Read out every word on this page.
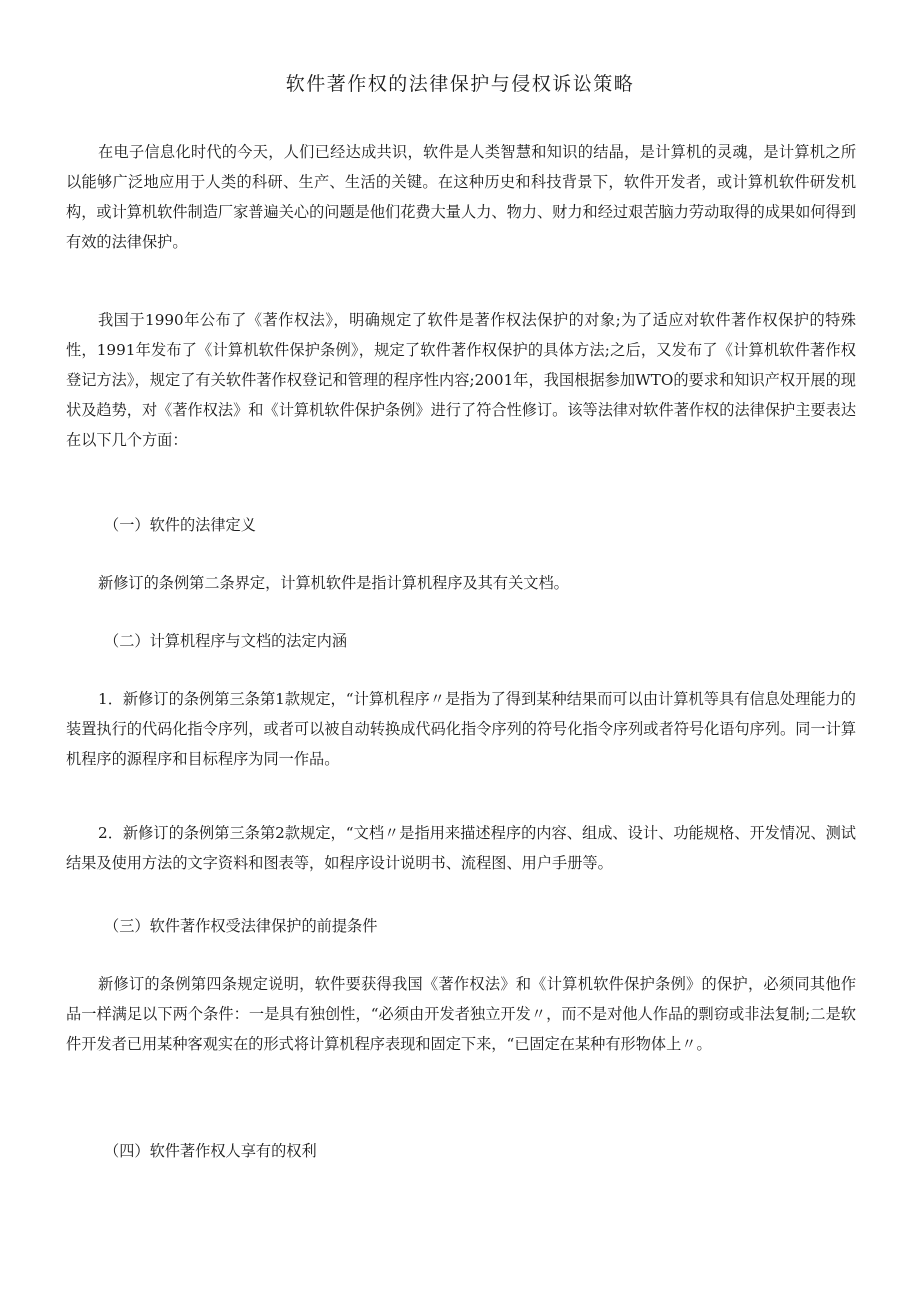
软件著作权的法律保护与侵权诉讼策略

在电子信息化时代的今天，人们已经达成共识，软件是人类智慧和知识的结晶，是计算机的灵魂，是计算机之所以能够广泛地应用于人类的科研、生产、生活的关键。在这种历史和科技背景下，软件开发者，或计算机软件研发机构，或计算机软件制造厂家普遍关心的问题是他们花费大量人力、物力、财力和经过艰苦脑力劳动取得的成果如何得到有效的法律保护。

我国于1990年公布了《著作权法》，明确规定了软件是著作权法保护的对象;为了适应对软件著作权保护的特殊性，1991年发布了《计算机软件保护条例》，规定了软件著作权保护的具体方法;之后，又发布了《计算机软件著作权登记方法》，规定了有关软件著作权登记和管理的程序性内容;2001年，我国根据参加WTO的要求和知识产权开展的现状及趋势，对《著作权法》和《计算机软件保护条例》进行了符合性修订。该等法律对软件著作权的法律保护主要表达在以下几个方面：

（一）软件的法律定义

新修订的条例第二条界定，计算机软件是指计算机程序及其有关文档。

（二）计算机程序与文档的法定内涵

1．新修订的条例第三条第1款规定，“计算机程序〃是指为了得到某种结果而可以由计算机等具有信息处理能力的装置执行的代码化指令序列，或者可以被自动转换成代码化指令序列的符号化指令序列或者符号化语句序列。同一计算机程序的源程序和目标程序为同一作品。

2．新修订的条例第三条第2款规定，“文档〃是指用来描述程序的内容、组成、设计、功能规格、开发情况、测试结果及使用方法的文字资料和图表等，如程序设计说明书、流程图、用户手册等。

（三）软件著作权受法律保护的前提条件

新修订的条例第四条规定说明，软件要获得我国《著作权法》和《计算机软件保护条例》的保护，必须同其他作品一样满足以下两个条件：一是具有独创性，“必须由开发者独立开发〃，而不是对他人作品的剽窃或非法复制;二是软件开发者已用某种客观实在的形式将计算机程序表现和固定下来，“已固定在某种有形物体上〃。

（四）软件著作权人享有的权利
